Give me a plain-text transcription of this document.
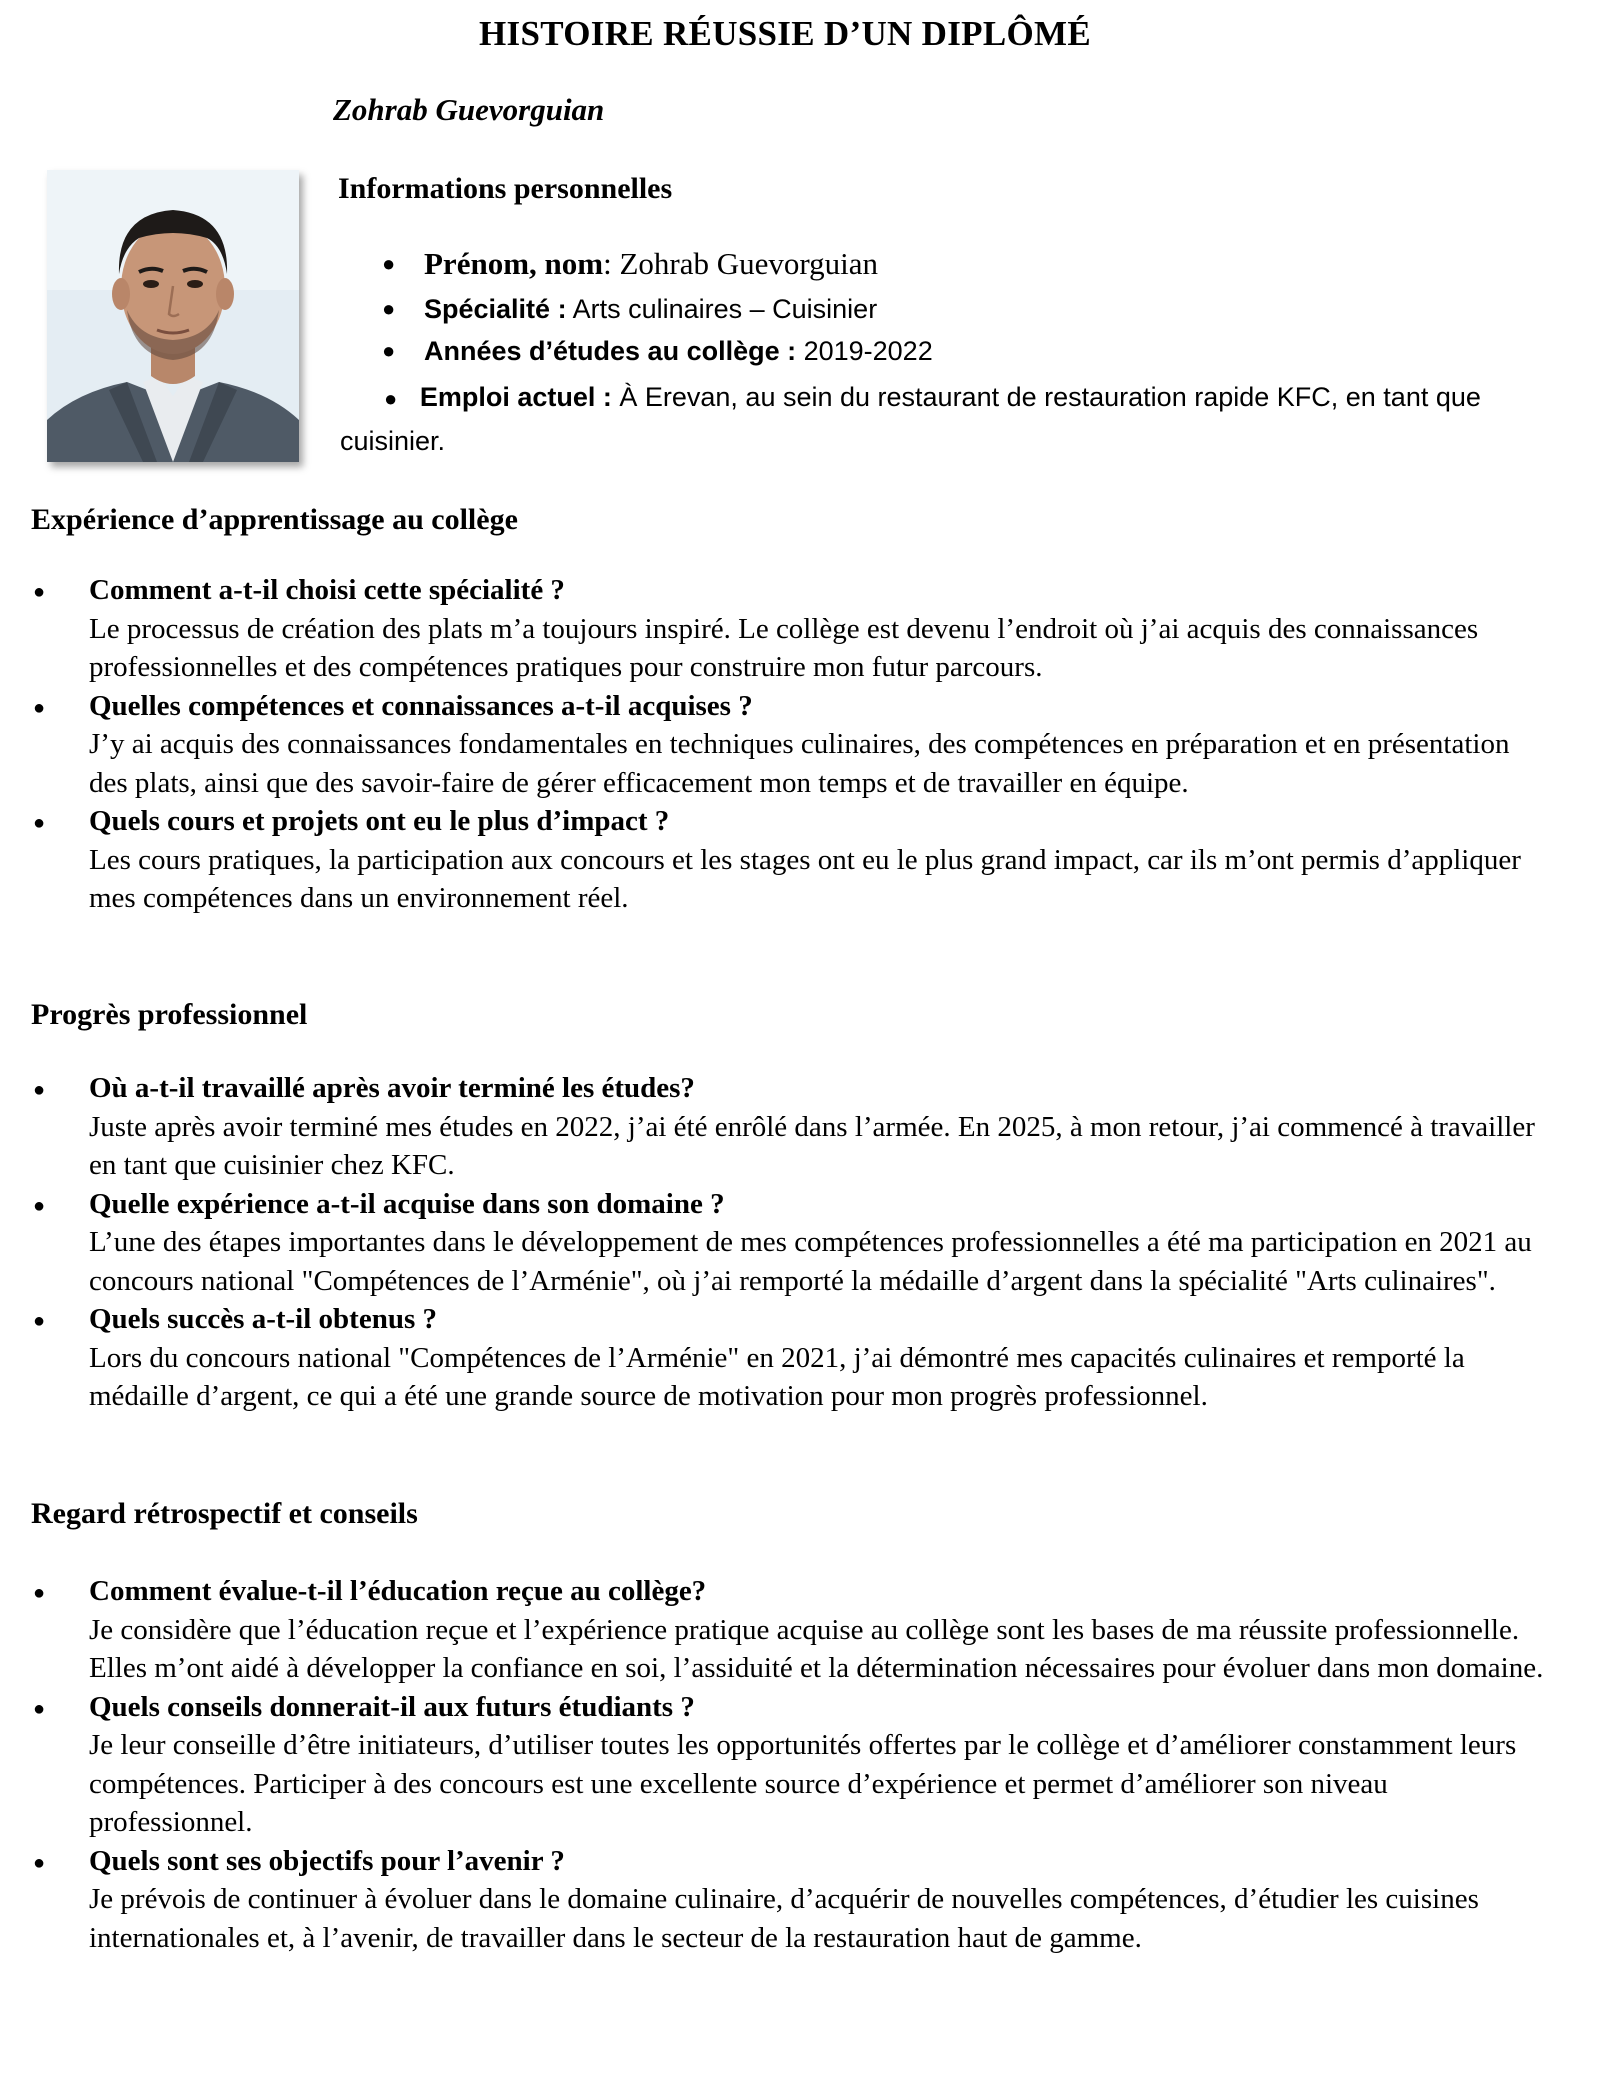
HISTOIRE RÉUSSIE D’UN DIPLÔMÉ
Zohrab Guevorguian
Informations personnelles
● Prénom, nom: Zohrab Guevorguian
● Spécialité : Arts culinaires – Cuisinier
● Années d’études au collège : 2019-2022

● Emploi actuel : À Erevan, au sein du restaurant de restauration rapide KFC, en tant que cuisinier.

Expérience d’apprentissage au collège
● Comment a-t-il choisi cette spécialité ?
Le processus de création des plats m’a toujours inspiré. Le collège est devenu l’endroit où j’ai acquis des connaissances professionnelles et des compétences pratiques pour construire mon futur parcours.
● Quelles compétences et connaissances a-t-il acquises ?
J’y ai acquis des connaissances fondamentales en techniques culinaires, des compétences en préparation et en présentation des plats, ainsi que des savoir-faire de gérer efficacement mon temps et de travailler en équipe.
● Quels cours et projets ont eu le plus d’impact ?
Les cours pratiques, la participation aux concours et les stages ont eu le plus grand impact, car ils m’ont permis d’appliquer mes compétences dans un environnement réel.
Progrès professionnel
● Où a-t-il travaillé après avoir terminé les études?
Juste après avoir terminé mes études en 2022, j’ai été enrôlé dans l’armée. En 2025, à mon retour, j’ai commencé à travailler en tant que cuisinier chez KFC.
● Quelle expérience a-t-il acquise dans son domaine ?
L’une des étapes importantes dans le développement de mes compétences professionnelles a été ma participation en 2021 au concours national "Compétences de l’Arménie", où j’ai remporté la médaille d’argent dans la spécialité "Arts culinaires".
● Quels succès a-t-il obtenus ?
Lors du concours national "Compétences de l’Arménie" en 2021, j’ai démontré mes capacités culinaires et remporté la médaille d’argent, ce qui a été une grande source de motivation pour mon progrès professionnel.
Regard rétrospectif et conseils
● Comment évalue-t-il l’éducation reçue au collège?
Je considère que l’éducation reçue et l’expérience pratique acquise au collège sont les bases de ma réussite professionnelle. Elles m’ont aidé à développer la confiance en soi, l’assiduité et la détermination nécessaires pour évoluer dans mon domaine.
● Quels conseils donnerait-il aux futurs étudiants ?
Je leur conseille d’être initiateurs, d’utiliser toutes les opportunités offertes par le collège et d’améliorer constamment leurs compétences. Participer à des concours est une excellente source d’expérience et permet d’améliorer son niveau professionnel.
● Quels sont ses objectifs pour l’avenir ?
Je prévois de continuer à évoluer dans le domaine culinaire, d’acquérir de nouvelles compétences, d’étudier les cuisines internationales et, à l’avenir, de travailler dans le secteur de la restauration haut de gamme.
